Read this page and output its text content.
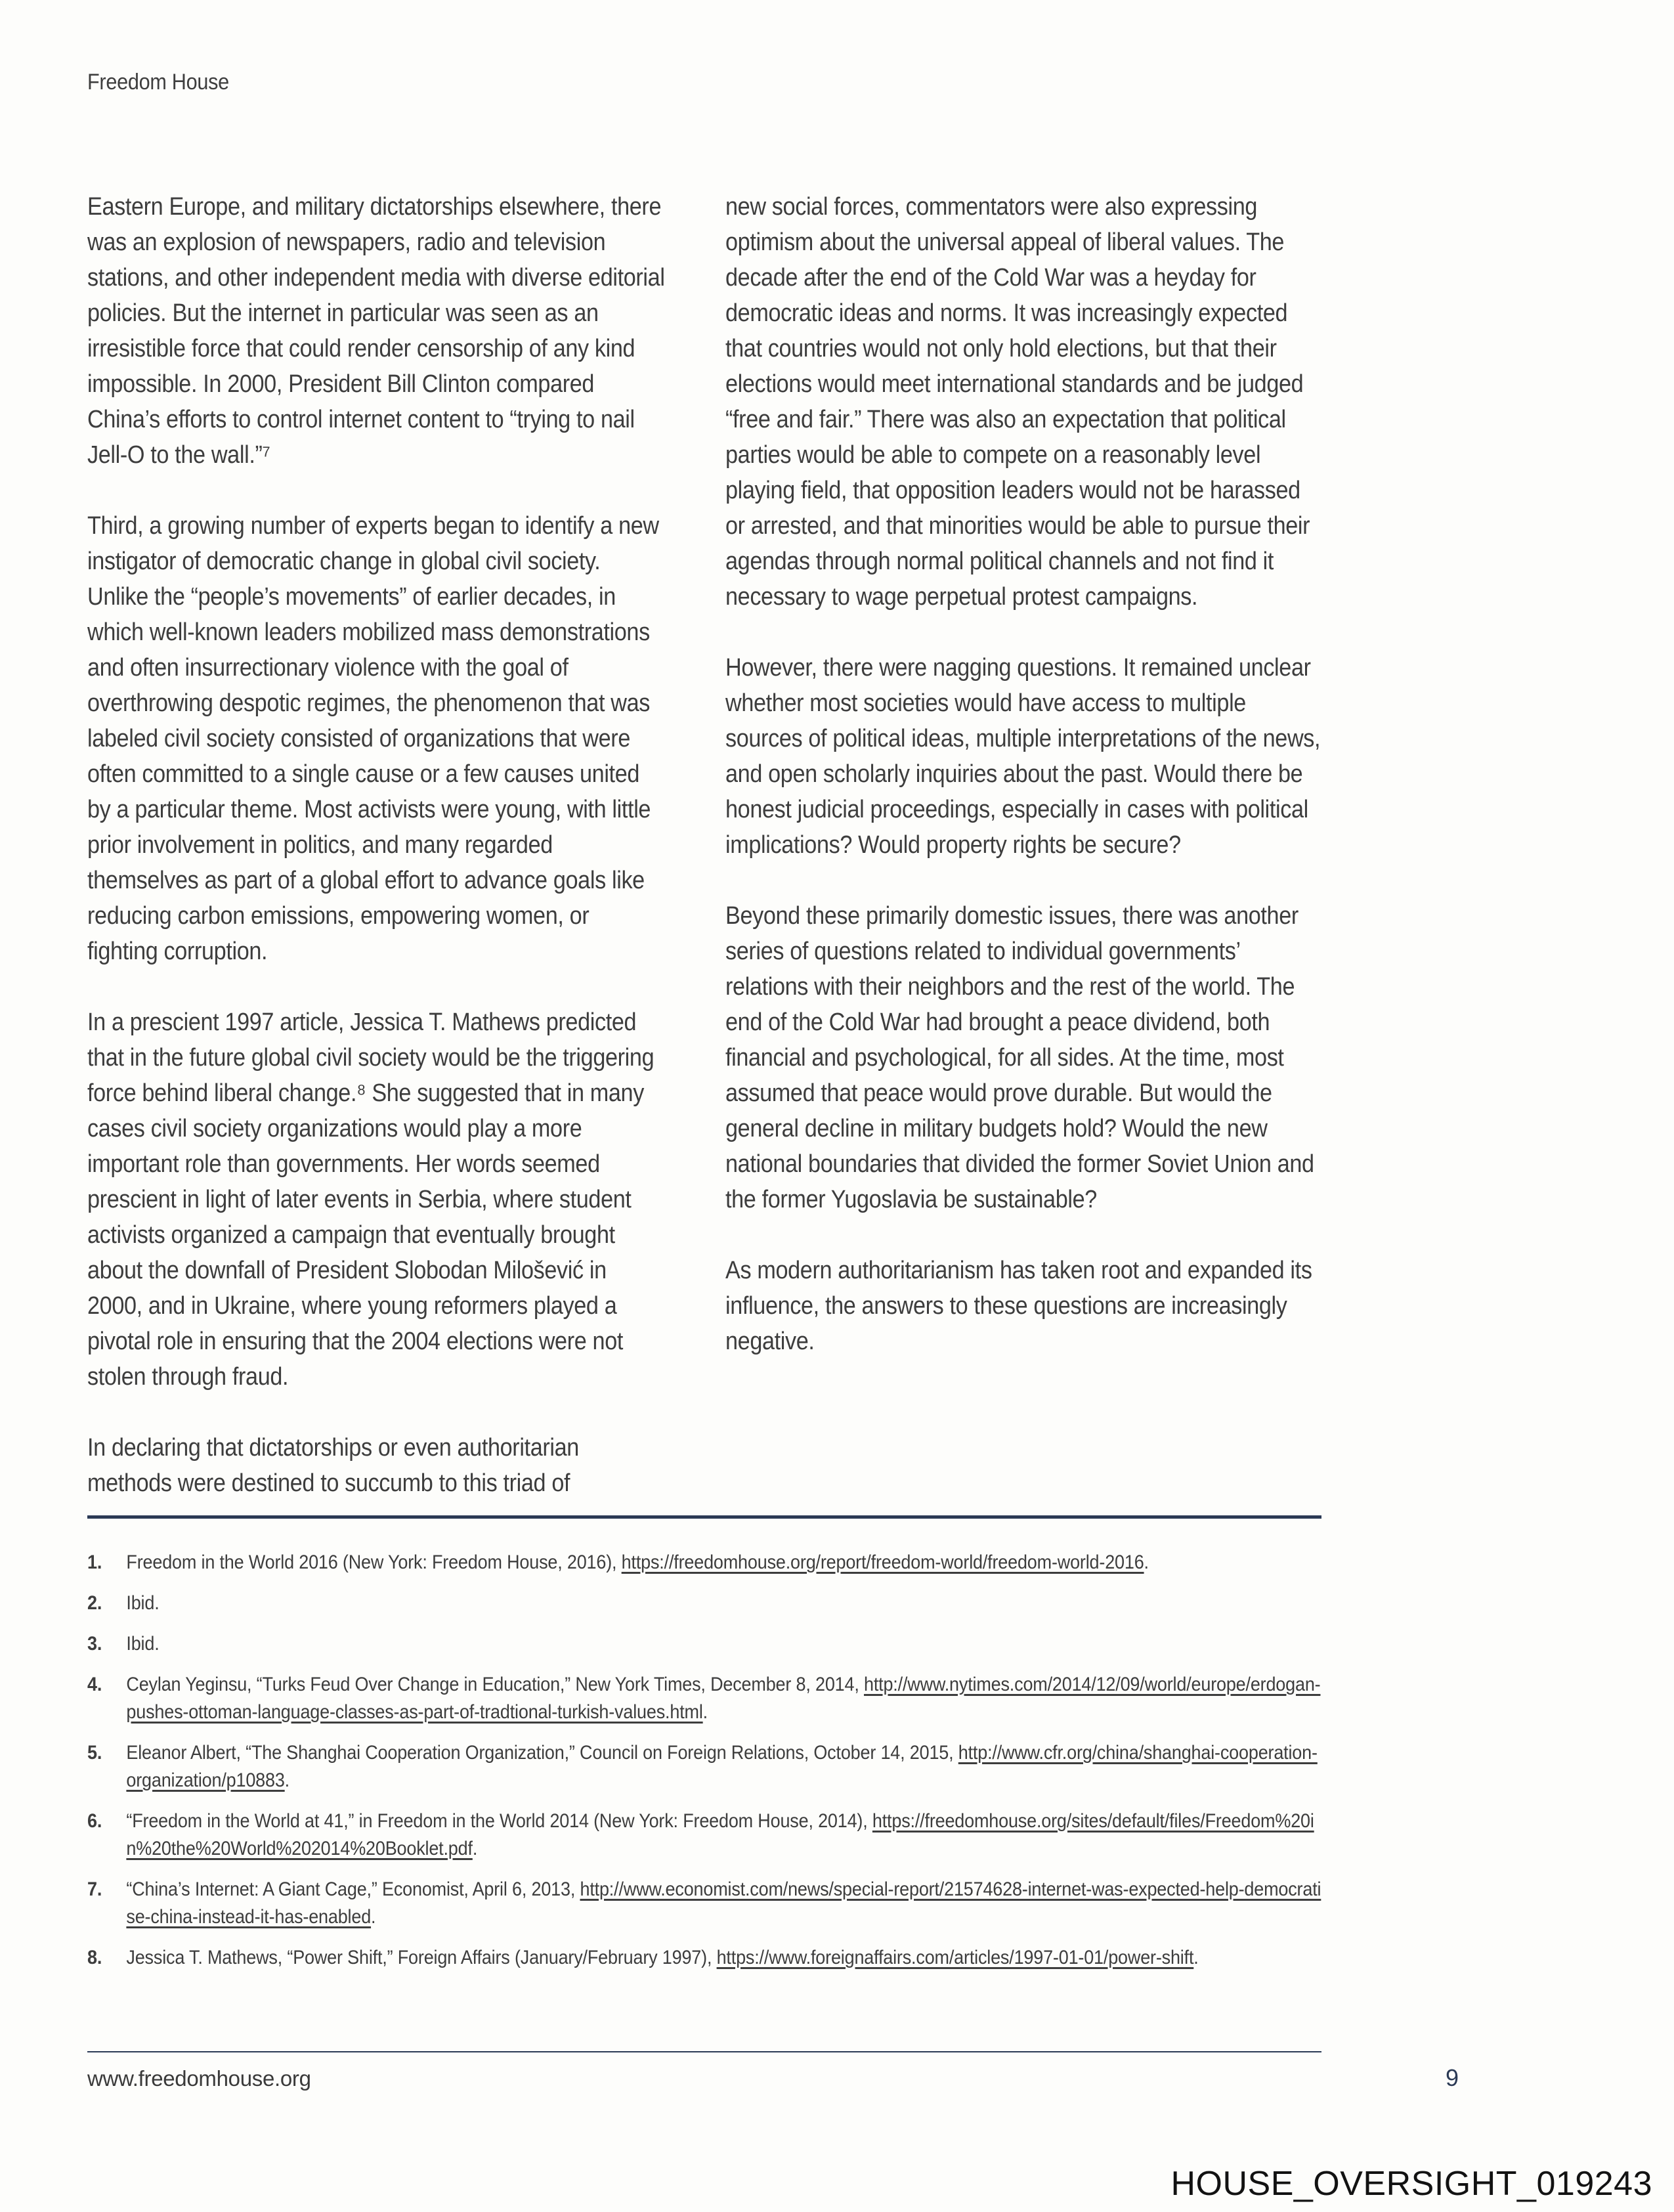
Freedom House

Eastern Europe, and military dictatorships elsewhere, there was an explosion of newspapers, radio and television stations, and other independent media with diverse editorial policies. But the internet in particular was seen as an irresistible force that could render censorship of any kind impossible. In 2000, President Bill Clinton compared China’s efforts to control internet content to “trying to nail Jell-O to the wall.”⁷

Third, a growing number of experts began to identify a new instigator of democratic change in global civil society. Unlike the “people’s movements” of earlier decades, in which well-known leaders mobilized mass demonstrations and often insurrectionary violence with the goal of overthrowing despotic regimes, the phenomenon that was labeled civil society consisted of organizations that were often committed to a single cause or a few causes united by a particular theme. Most activists were young, with little prior involvement in politics, and many regarded themselves as part of a global effort to advance goals like reducing carbon emissions, empowering women, or fighting corruption.

In a prescient 1997 article, Jessica T. Mathews predicted that in the future global civil society would be the triggering force behind liberal change.⁸ She suggested that in many cases civil society organizations would play a more important role than governments. Her words seemed prescient in light of later events in Serbia, where student activists organized a campaign that eventually brought about the downfall of President Slobodan Milošević in 2000, and in Ukraine, where young reformers played a pivotal role in ensuring that the 2004 elections were not stolen through fraud.

In declaring that dictatorships or even authoritarian methods were destined to succumb to this triad of

new social forces, commentators were also expressing optimism about the universal appeal of liberal values. The decade after the end of the Cold War was a heyday for democratic ideas and norms. It was increasingly expected that countries would not only hold elections, but that their elections would meet international standards and be judged “free and fair.” There was also an expectation that political parties would be able to compete on a reasonably level playing field, that opposition leaders would not be harassed or arrested, and that minorities would be able to pursue their agendas through normal political channels and not find it necessary to wage perpetual protest campaigns.

However, there were nagging questions. It remained unclear whether most societies would have access to multiple sources of political ideas, multiple interpretations of the news, and open scholarly inquiries about the past. Would there be honest judicial proceedings, especially in cases with political implications? Would property rights be secure?

Beyond these primarily domestic issues, there was another series of questions related to individual governments’ relations with their neighbors and the rest of the world. The end of the Cold War had brought a peace dividend, both financial and psychological, for all sides. At the time, most assumed that peace would prove durable. But would the general decline in military budgets hold? Would the new national boundaries that divided the former Soviet Union and the former Yugoslavia be sustainable?

As modern authoritarianism has taken root and expanded its influence, the answers to these questions are increasingly negative.

1. Freedom in the World 2016 (New York: Freedom House, 2016), https://freedomhouse.org/report/freedom-world/freedom-world-2016.
2. Ibid.
3. Ibid.
4. Ceylan Yeginsu, “Turks Feud Over Change in Education,” New York Times, December 8, 2014, http://www.nytimes.com/2014/12/09/world/europe/erdogan-pushes-ottoman-language-classes-as-part-of-tradtional-turkish-values.html.
5. Eleanor Albert, “The Shanghai Cooperation Organization,” Council on Foreign Relations, October 14, 2015, http://www.cfr.org/china/shanghai-cooperation-organization/p10883.
6. “Freedom in the World at 41,” in Freedom in the World 2014 (New York: Freedom House, 2014), https://freedomhouse.org/sites/default/files/Freedom%20in%20the%20World%202014%20Booklet.pdf.
7. “China’s Internet: A Giant Cage,” Economist, April 6, 2013, http://www.economist.com/news/special-report/21574628-internet-was-expected-help-democratise-china-instead-it-has-enabled.
8. Jessica T. Mathews, “Power Shift,” Foreign Affairs (January/February 1997), https://www.foreignaffairs.com/articles/1997-01-01/power-shift.
www.freedomhouse.org	9
HOUSE_OVERSIGHT_019243
